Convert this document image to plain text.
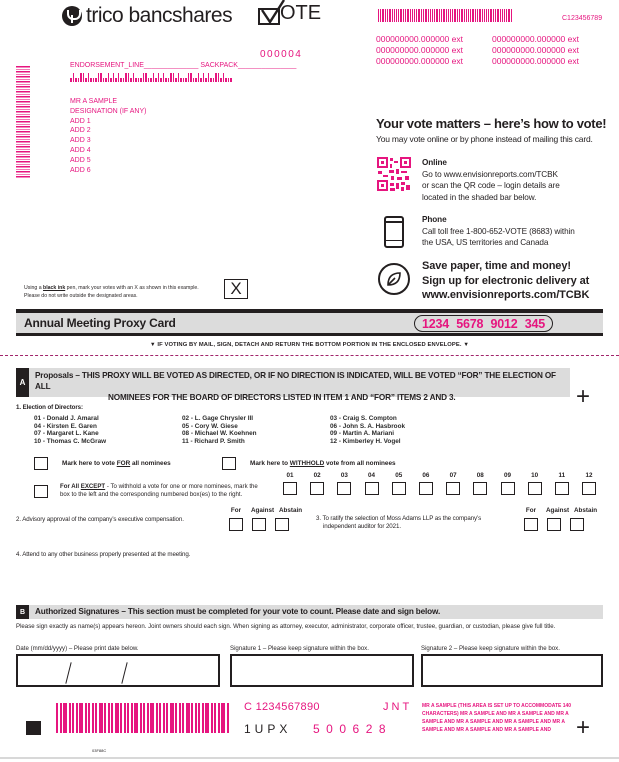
trico bancshares OTE	C123456789
000000000.000000 ext	000000000.000000 ext
000000000.000000 ext	000000000.000000 ext
000000000.000000 ext	000000000.000000 ext
000004
ENDORSEMENT_LINE______________ SACKPACK_______________
MR A SAMPLE
DESIGNATION (IF ANY)
ADD 1
ADD 2
ADD 3
ADD 4
ADD 5
ADD 6
Your vote matters – here’s how to vote!
You may vote online or by phone instead of mailing this card.
Online
Go to www.envisionreports.com/TCBK
or scan the QR code – login details are
located in the shaded bar below.
Phone
Call toll free 1-800-652-VOTE (8683) within
the USA, US territories and Canada
Save paper, time and money!
Sign up for electronic delivery at
www.envisionreports.com/TCBK
Using a black ink pen, mark your votes with an X as shown in this example.
Please do not write outside the designated areas.	X
Annual Meeting Proxy Card	1234 5678 9012 345
▼ IF VOTING BY MAIL, SIGN, DETACH AND RETURN THE BOTTOM PORTION IN THE ENCLOSED ENVELOPE. ▼
A
Proposals – THIS PROXY WILL BE VOTED AS DIRECTED, OR IF NO DIRECTION IS INDICATED, WILL BE VOTED “FOR” THE ELECTION OF ALL
NOMINEES FOR THE BOARD OF DIRECTORS LISTED IN ITEM 1 AND “FOR” ITEMS 2 AND 3.	+
1. Election of Directors:
01 - Donald J. Amaral	02 - L. Gage Chrysler III	03 - Craig S. Compton
04 - Kirsten E. Garen	05 - Cory W. Giese	06 - John S. A. Hasbrook
07 - Margaret L. Kane	08 - Michael W. Koehnen	09 - Martin A. Mariani
10 - Thomas C. McGraw	11 - Richard P. Smith	12 - Kimberley H. Vogel
Mark here to vote FOR all nominees	Mark here to WITHHOLD vote from all nominees
For All EXCEPT - To withhold a vote for one or more nominees, mark the
box to the left and the corresponding numbered box(es) to the right.
01	02	03	04	05	06	07	08	09	10	11	12
2. Advisory approval of the company’s executive compensation.
For	Against Abstain
3. To ratify the selection of Moss Adams LLP as the company’s
independent auditor for 2021.
For	Against Abstain
4. Attend to any other business properly presented at the meeting.
B	Authorized Signatures – This section must be completed for your vote to count. Please date and sign below.
Please sign exactly as name(s) appears hereon. Joint owners should each sign. When signing as attorney, executor, administrator, corporate officer, trustee, guardian, or custodian, please give full title.
Date (mm/dd/yyyy) – Please print date below.	Signature 1 – Please keep signature within the box.	Signature 2 – Please keep signature within the box.
C 1234567890	JNT
1UPX 500628
03F88C
MR A SAMPLE (THIS AREA IS SET UP TO ACCOMMODATE 140 CHARACTERS) MR A SAMPLE AND MR A SAMPLE AND MR A SAMPLE AND MR A SAMPLE AND MR A SAMPLE AND MR A SAMPLE AND MR A SAMPLE AND MR A SAMPLE AND	+
